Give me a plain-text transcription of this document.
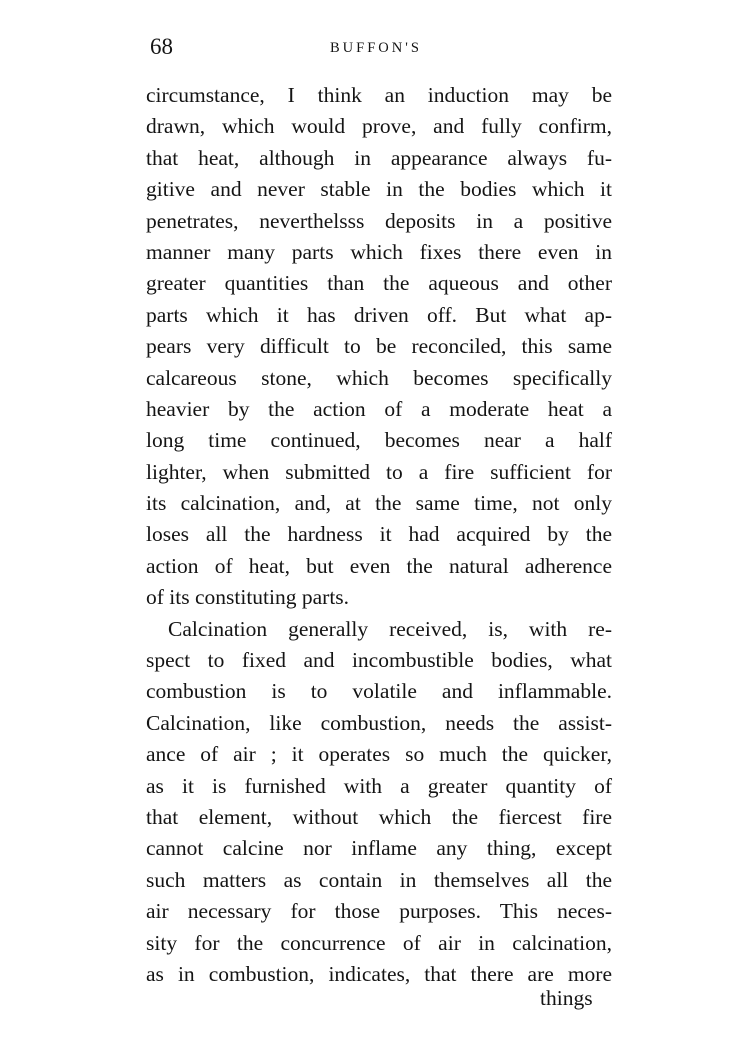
68	BUFFON'S
circumstance, I think an induction may be
drawn, which would prove, and fully confirm,
that heat, although in appearance always fu-
gitive and never stable in the bodies which it
penetrates, neverthelsss deposits in a positive
manner many parts which fixes there even in
greater quantities than the aqueous and other
parts which it has driven off. But what ap-
pears very difficult to be reconciled, this same
calcareous stone, which becomes specifically
heavier by the action of a moderate heat a
long time continued, becomes near a half
lighter, when submitted to a fire sufficient for
its calcination, and, at the same time, not only
loses all the hardness it had acquired by the
action of heat, but even the natural adherence
of its constituting parts.
Calcination generally received, is, with re-
spect to fixed and incombustible bodies, what
combustion is to volatile and inflammable.
Calcination, like combustion, needs the assist-
ance of air ; it operates so much the quicker,
as it is furnished with a greater quantity of
that element, without which the fiercest fire
cannot calcine nor inflame any thing, except
such matters as contain in themselves all the
air necessary for those purposes. This neces-
sity for the concurrence of air in calcination,
as in combustion, indicates, that there are more
things
